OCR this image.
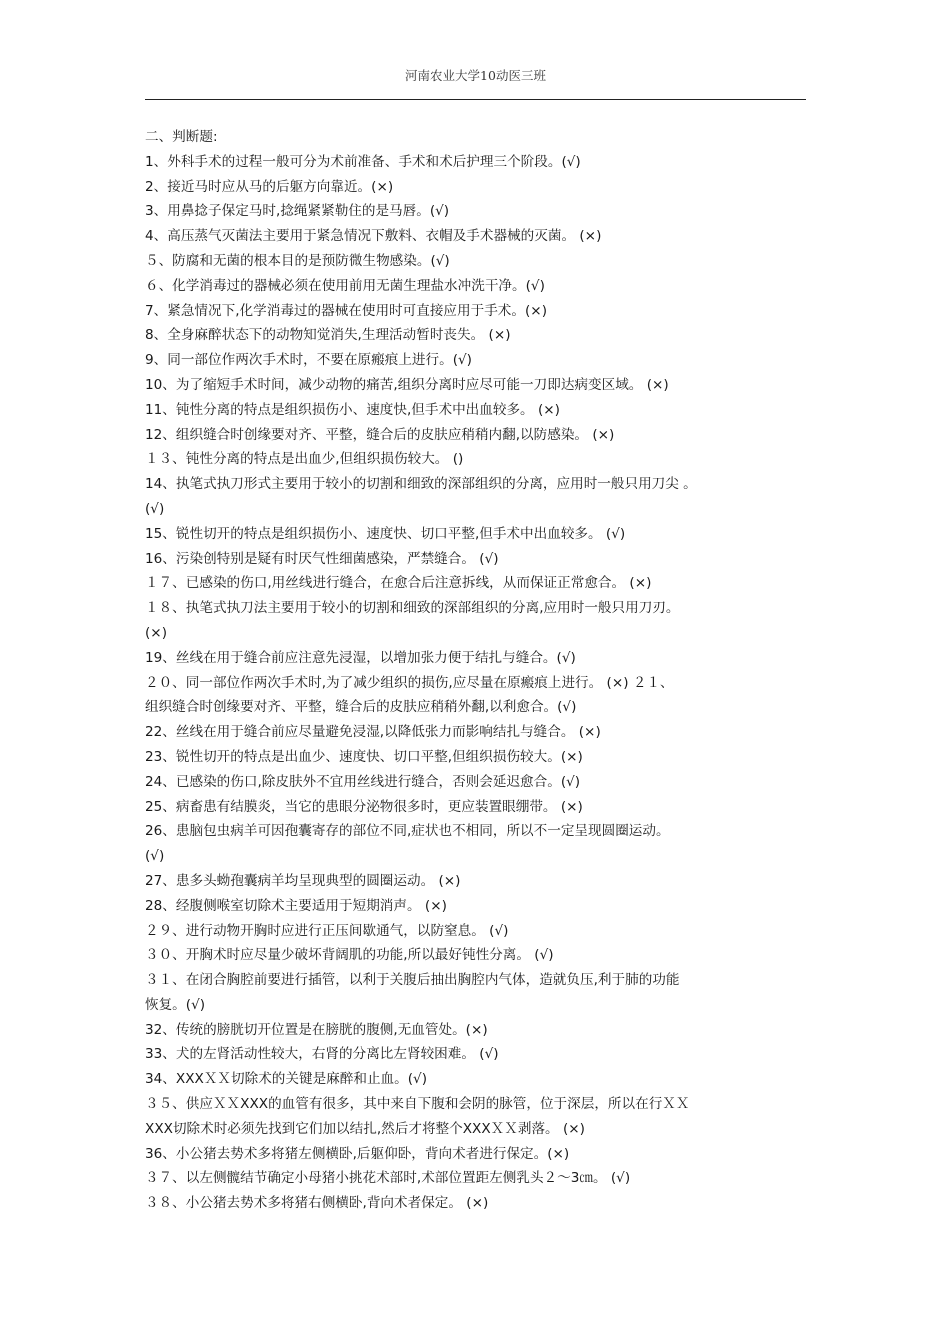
河南农业大学10动医三班
二、判断题:
1、外科手术的过程一般可分为术前准备、手术和术后护理三个阶段。(√)
2、接近马时应从马的后躯方向靠近。(×)
3、用鼻捻子保定马时,捻绳紧紧勒住的是马唇。(√)
4、高压蒸气灭菌法主要用于紧急情况下敷料、衣帽及手术器械的灭菌。 (×)
５、防腐和无菌的根本目的是预防微生物感染。(√)
６、化学消毒过的器械必须在使用前用无菌生理盐水冲洗干净。(√)
7、紧急情况下,化学消毒过的器械在使用时可直接应用于手术。(×)
8、全身麻醉状态下的动物知觉消失,生理活动暂时丧失。 (×)
9、同一部位作两次手术时，不要在原瘢痕上进行。(√)
10、为了缩短手术时间，减少动物的痛苦,组织分离时应尽可能一刀即达病变区域。 (×)
11、钝性分离的特点是组织损伤小、速度快,但手术中出血较多。 (×)
12、组织缝合时创缘要对齐、平整，缝合后的皮肤应稍稍内翻,以防感染。 (×)
１３、钝性分离的特点是出血少,但组织损伤较大。 ()
14、执笔式执刀形式主要用于较小的切割和细致的深部组织的分离，应用时一般只用刀尖 。
(√)
15、锐性切开的特点是组织损伤小、速度快、切口平整,但手术中出血较多。 (√)
16、污染创特别是疑有时厌气性细菌感染，严禁缝合。 (√)
１７、已感染的伤口,用丝线进行缝合，在愈合后注意拆线，从而保证正常愈合。 (×)
１８、执笔式执刀法主要用于较小的切割和细致的深部组织的分离,应用时一般只用刀刃。
(×)
19、丝线在用于缝合前应注意先浸湿，以增加张力便于结扎与缝合。(√)
２０、同一部位作两次手术时,为了减少组织的损伤,应尽量在原瘢痕上进行。 (×) ２１、
组织缝合时创缘要对齐、平整，缝合后的皮肤应稍稍外翻,以利愈合。(√)
22、丝线在用于缝合前应尽量避免浸湿,以降低张力而影响结扎与缝合。 (×)
23、锐性切开的特点是出血少、速度快、切口平整,但组织损伤较大。(×)
24、已感染的伤口,除皮肤外不宜用丝线进行缝合，否则会延迟愈合。(√)
25、病畜患有结膜炎，当它的患眼分泌物很多时，更应装置眼绷带。 (×)
26、患脑包虫病羊可因孢囊寄存的部位不同,症状也不相同，所以不一定呈现圆圈运动。
(√)
27、患多头蚴孢囊病羊均呈现典型的圆圈运动。 (×)
28、经腹侧喉室切除术主要适用于短期消声。 (×)
２９、进行动物开胸时应进行正压间歇通气，以防窒息。 (√)
３０、开胸术时应尽量少破坏背阔肌的功能,所以最好钝性分离。 (√)
３１、在闭合胸腔前要进行插管，以利于关腹后抽出胸腔内气体，造就负压,利于肺的功能
恢复。(√)
32、传统的膀胱切开位置是在膀胱的腹侧,无血管处。(×)
33、犬的左肾活动性较大，右肾的分离比左肾较困难。 (√)
34、XXXＸＸ切除术的关键是麻醉和止血。(√)
３５、供应ＸＸXXX的血管有很多，其中来自下腹和会阴的脉管，位于深层，所以在行ＸＸ
XXX切除术时必须先找到它们加以结扎,然后才将整个XXXＸＸ剥落。 (×)
36、小公猪去势术多将猪左侧横卧,后躯仰卧，背向术者进行保定。(×)
３７、以左侧髋结节确定小母猪小挑花术部时,术部位置距左侧乳头２～3㎝。 (√)
３８、小公猪去势术多将猪右侧横卧,背向术者保定。 (×)
